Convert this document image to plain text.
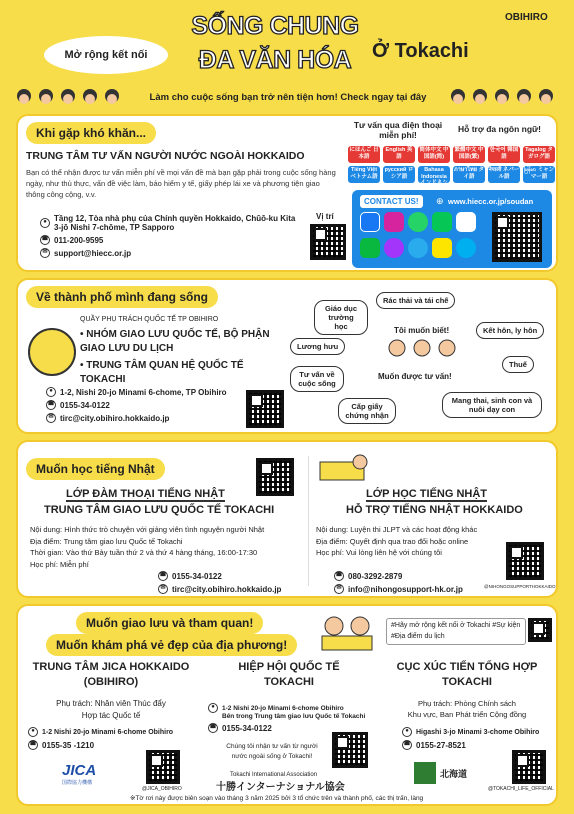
Mở rộng kết nối
SỐNG CHUNG
ĐA VĂN HÓA	Ở Tokachi
OBIHIRO
Làm cho cuộc sống bạn trở nên tiện hơn! Check ngay tại đây
Khi gặp khó khăn...
TRUNG TÂM TƯ VẤN NGƯỜI NƯỚC NGOÀI HOKKAIDO
Bạn có thể nhận được tư vấn miễn phí về mọi vấn đề mà bạn gặp phải trong cuộc sống hàng ngày, như thủ thực, vấn đề việc làm, bảo hiểm y tế, giấy phép lái xe và phương tiện giao thông công cộng, v.v.
● Tầng 12, Tòa nhà phụ của Chính quyền Hokkaido, Chūō-ku Kita 3-jō Nishi 7-chōme, TP Sapporo
☎ 011-200-9595
✉ support@hiecc.or.jp
Vị trí
Tư vấn qua điện thoại miễn phí!
Hỗ trợ đa ngôn ngữ!
にほんご 日本語
English 英語
简体中文 中国語(简)
繁體中文 中国語(繁)
한국어 韓国語
Tagalog タガログ語
Tiếng Việt ベトナム語
русский ロシア語
Bahasa Indonesia インドネシ
ภาษาไทย タイ語
नेपाली ネパール語
မြန်မာ ミャンマー語
CONTACT US!	⊕ www.hiecc.or.jp/soudan
Về thành phố mình đang sống
QUẦY PHỤ TRÁCH QUỐC TẾ TP OBIHIRO
• NHÓM GIAO LƯU QUỐC TẾ, BỘ PHẬN GIAO LƯU DU LỊCH
• TRUNG TÂM QUAN HỆ QUỐC TẾ TOKACHI
● 1-2, Nishi 20-jo Minami 6-chome, TP Obihiro
☎ 0155-34-0122
✉ tirc@city.obihiro.hokkaido.jp
Giáo dục trường học
Rác thải và tái chế
Lương hưu
Tôi muốn biết!	Kết hôn, ly hôn
Tư vấn về cuộc sống
Muốn được tư vấn!
Thuế
Cấp giấy chứng nhận
Mang thai, sinh con và nuôi dạy con
Muốn học tiếng Nhật
LỚP ĐÀM THOẠI TIẾNG NHẬT
TRUNG TÂM GIAO LƯU QUỐC TẾ TOKACHI
Nội dung: Hình thức trò chuyện với giảng viên tình nguyện người Nhật
Địa điểm: Trung tâm giao lưu Quốc tế Tokachi
Thời gian: Vào thứ Bảy tuần thứ 2 và thứ 4 hàng tháng, 16:00-17:30
Học phí: Miễn phí
☎ 0155-34-0122
✉ tirc@city.obihiro.hokkaido.jp
LỚP HỌC TIẾNG NHẬT
HỖ TRỢ TIẾNG NHẬT HOKKAIDO
Nội dung: Luyện thi JLPT và các hoạt động khác
Địa điểm: Quyết định qua trao đổi hoặc online
Học phí: Vui lòng liên hệ với chúng tôi
☎ 080-3292-2879
✉ info@nihongosupport-hk.or.jp	@NIHONGOSUPPORTHOKKAIDO
Muốn giao lưu và tham quan!
Muốn khám phá vẻ đẹp của địa phương!
#Hãy mở rộng kết nối ở Tokachi #Sự kiện #Địa điểm du lịch
TRUNG TÂM JICA HOKKAIDO
(OBIHIRO)
Phụ trách: Nhân viên Thúc đẩy
Hợp tác Quốc tế
●	1-2 Nishi 20-jo Minami 6-chome Obihiro
☎ 0155-35 -1210
JICA
国際協力機構
@JICA_OBIHIRO
HIỆP HỘI QUỐC TẾ
TOKACHI
●	1-2 Nishi 20-jo Minami 6-chome Obihiro
Bên trong Trung tâm giao lưu Quốc tế Tokachi
☎ 0155-34-0122
Chúng tôi nhận tư vấn từ người nước ngoài sống ở Tokachi!
Tokachi International Association
十勝インターナショナル協会
CỤC XÚC TIẾN TỔNG HỢP
TOKACHI
Phụ trách: Phòng Chính sách
Khu vực, Ban Phát triển Cộng đồng
●	Higashi 3-jo Minami 3-chome Obihiro
☎ 0155-27-8521
北海道
@TOKACHI_LIFE_OFFICIAL
※Tờ rơi này được biên soạn vào tháng 3 năm 2025 bởi 3 tổ chức trên và thành phố, các thị trấn, làng
